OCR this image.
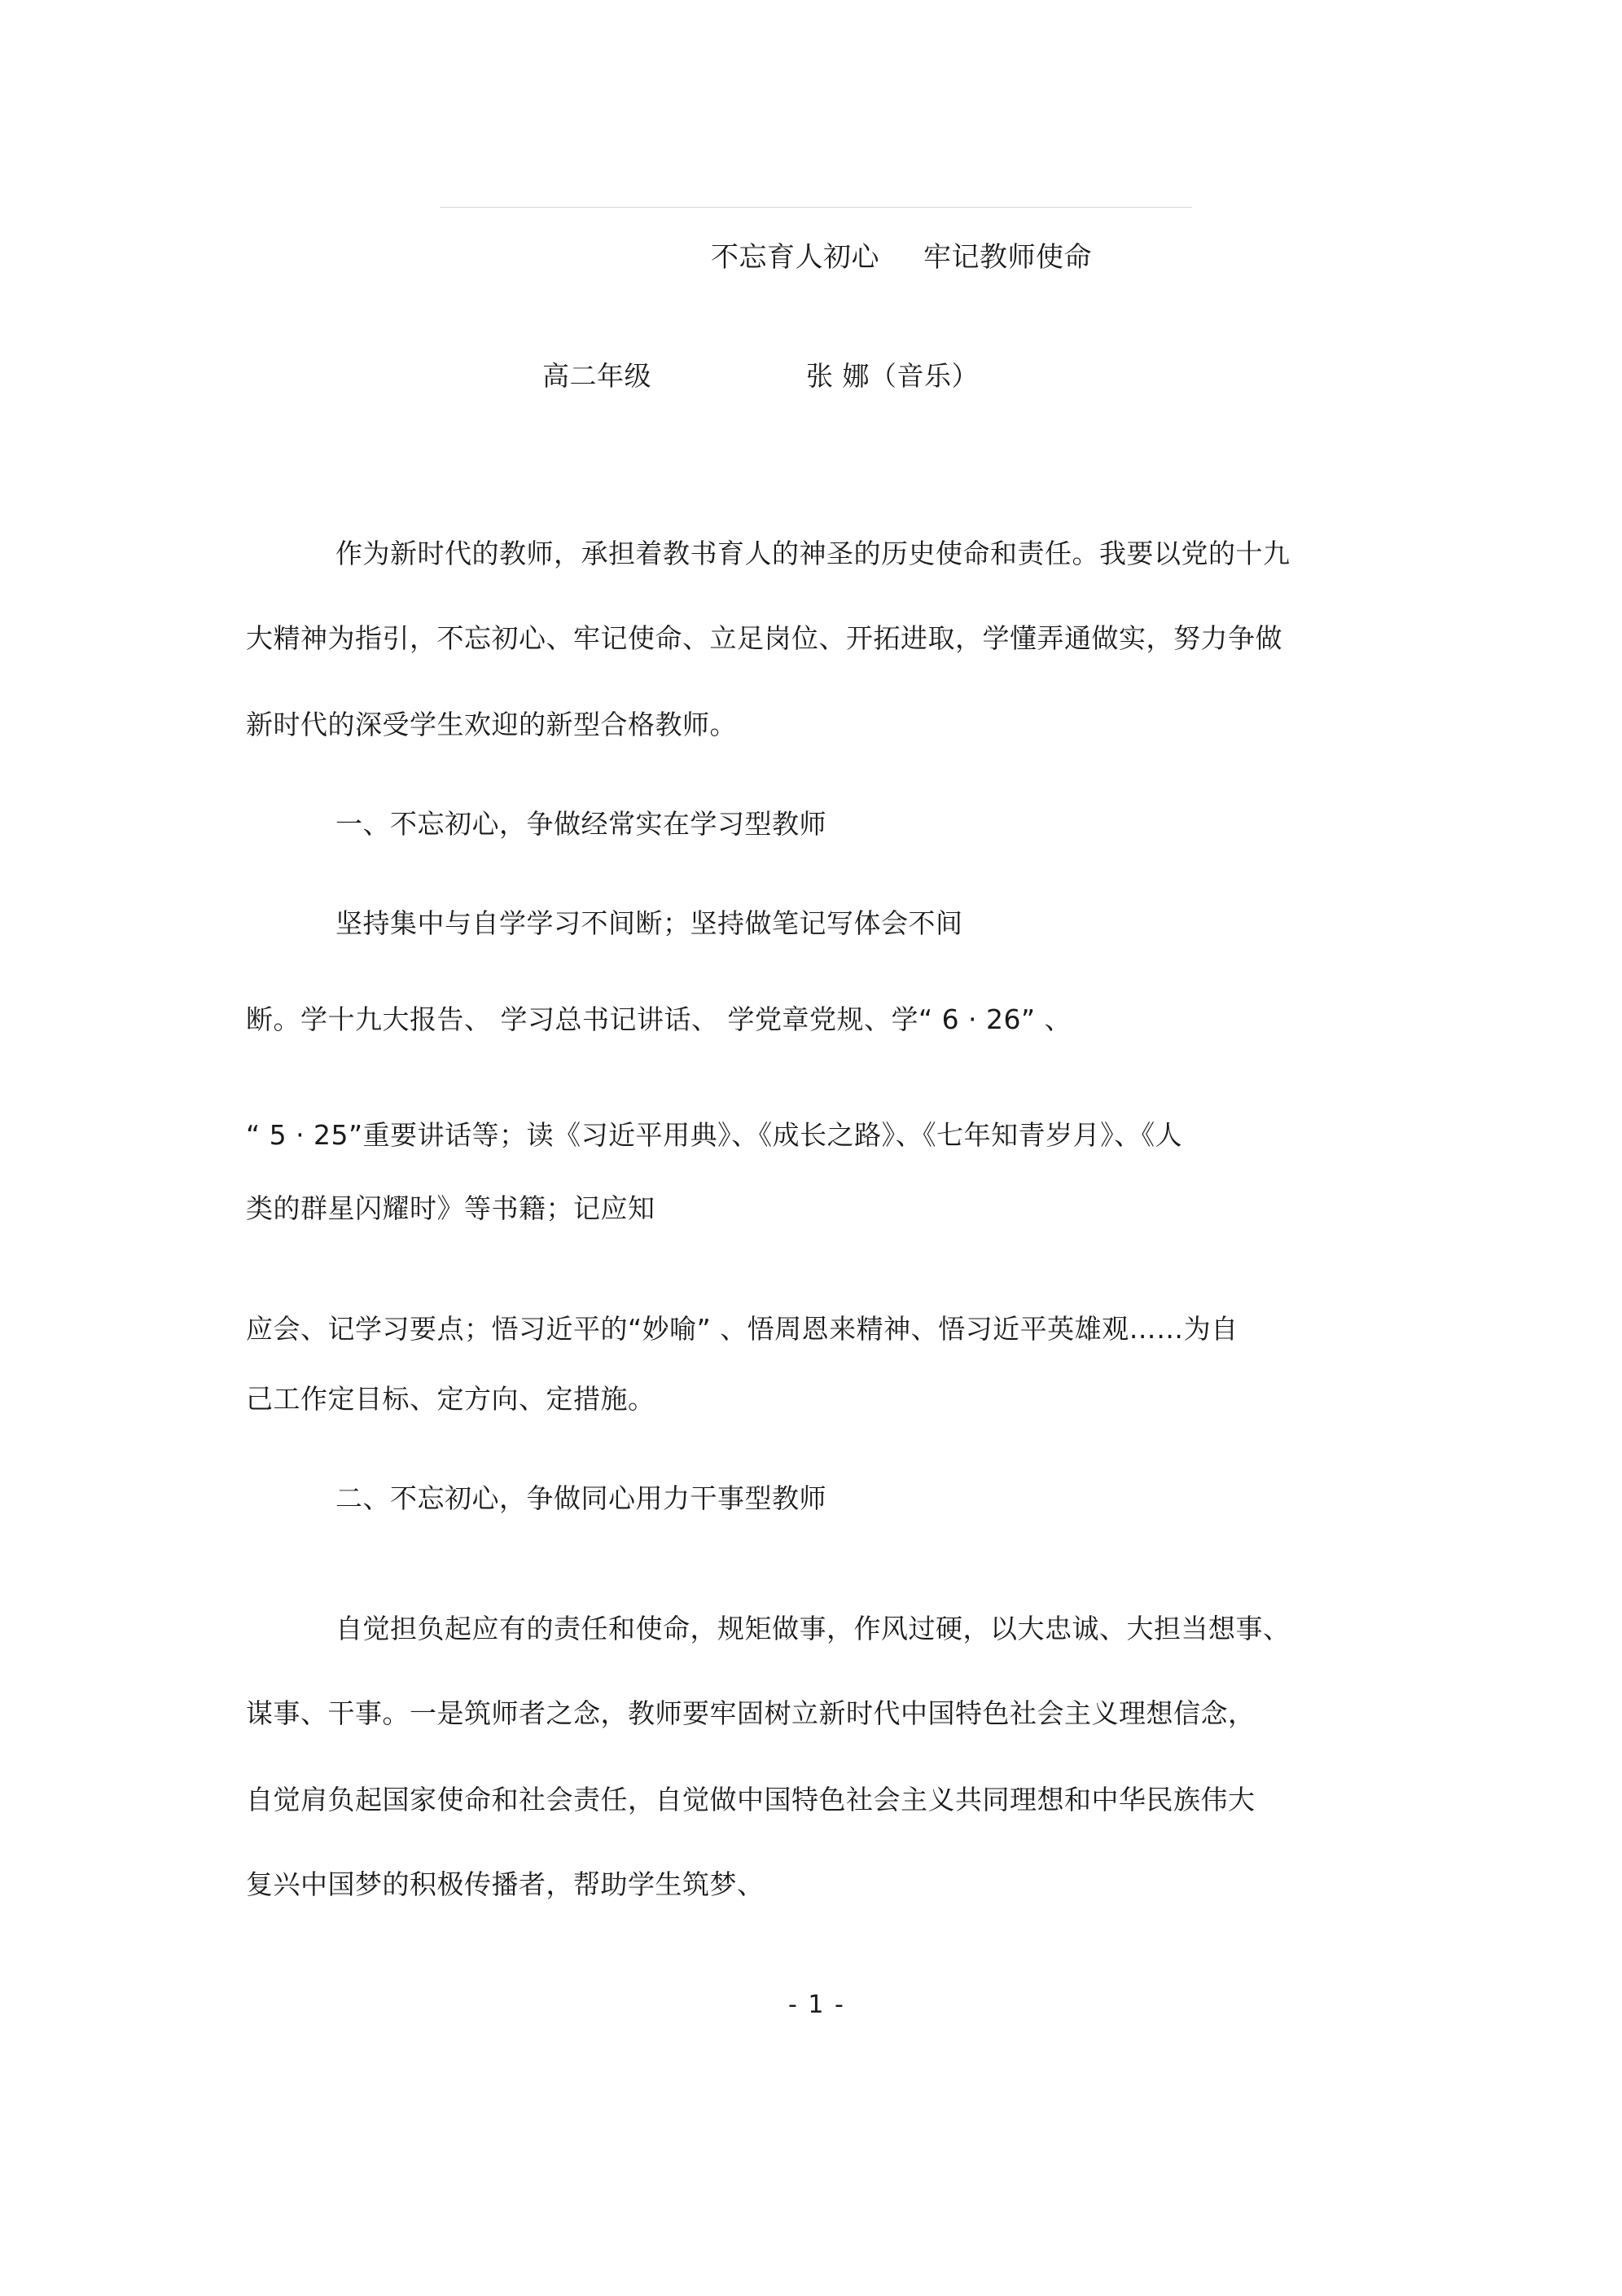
不忘育人初心 牢记教师使命
高二年级	张 娜（音乐）
作为新时代的教师，承担着教书育人的神圣的历史使命和责任。我要以党的十九
大精神为指引，不忘初心、牢记使命、立足岗位、开拓进取，学懂弄通做实，努力争做
新时代的深受学生欢迎的新型合格教师。
一、不忘初心，争做经常实在学习型教师
坚持集中与自学学习不间断；坚持做笔记写体会不间
断。学十九大报告、 学习总书记讲话、 学党章党规、学“ 6 · 26” 、
“ 5 · 25”重要讲话等；读《习近平用典》、《成长之路》、《七年知青岁月》、《人
类的群星闪耀时》等书籍；记应知
应会、记学习要点；悟习近平的“妙喻” 、悟周恩来精神、悟习近平英雄观……为自
己工作定目标、定方向、定措施。
二、不忘初心，争做同心用力干事型教师
自觉担负起应有的责任和使命，规矩做事，作风过硬，以大忠诚、大担当想事、
谋事、干事。一是筑师者之念，教师要牢固树立新时代中国特色社会主义理想信念，
自觉肩负起国家使命和社会责任，自觉做中国特色社会主义共同理想和中华民族伟大
复兴中国梦的积极传播者，帮助学生筑梦、
- 1 -
